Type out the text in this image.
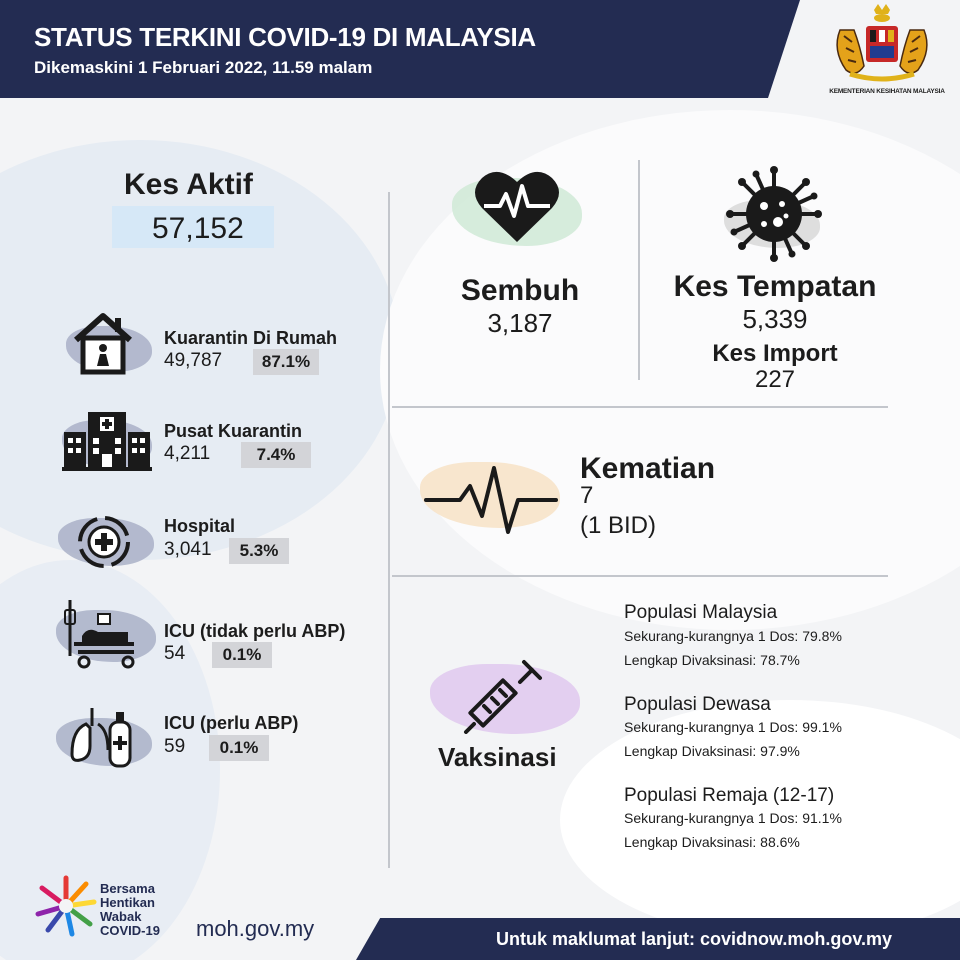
STATUS TERKINI COVID-19 DI MALAYSIA
Dikemaskini 1 Februari 2022, 11.59 malam
KEMENTERIAN KESIHATAN MALAYSIA
Kes Aktif
57,152
Kuarantin Di Rumah
49,787	87.1%
Pusat Kuarantin
4,211	7.4%
Hospital
3,041	5.3%
ICU (tidak perlu ABP)
54	0.1%
ICU (perlu ABP)
59	0.1%
Sembuh
3,187
Kes Tempatan
5,339
Kes Import
227
Kematian
7
(1 BID)
Vaksinasi
Populasi Malaysia
Sekurang-kurangnya 1 Dos: 79.8%
Lengkap Divaksinasi: 78.7%
Populasi Dewasa
Sekurang-kurangnya 1 Dos: 99.1%
Lengkap Divaksinasi: 97.9%
Populasi Remaja (12-17)
Sekurang-kurangnya 1 Dos: 91.1%
Lengkap Divaksinasi: 88.6%
Bersama
Hentikan
Wabak
COVID-19 moh.gov.my	Untuk maklumat lanjut: covidnow.moh.gov.my
